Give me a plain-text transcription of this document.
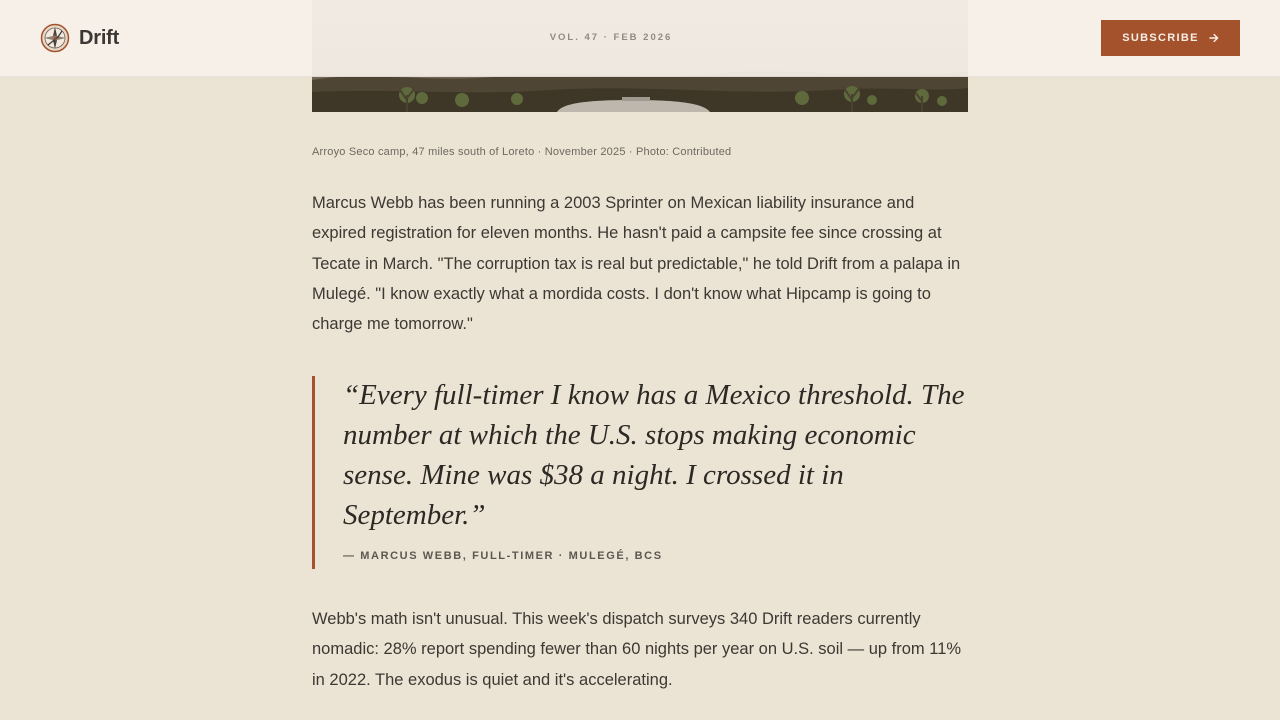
Drift	VOL. 47 · FEB 2026	SUBSCRIBE

Arroyo Seco camp, 47 miles south of Loreto · November 2025 · Photo: Contributed

Marcus Webb has been running a 2003 Sprinter on Mexican liability insurance and expired registration for eleven months. He hasn't paid a campsite fee since crossing at Tecate in March. "The corruption tax is real but predictable," he told Drift from a palapa in Mulegé. "I know exactly what a mordida costs. I don't know what Hipcamp is going to charge me tomorrow."

“Every full-timer I know has a Mexico threshold. The number at which the U.S. stops making economic sense. Mine was $38 a night. I crossed it in September.”

— MARCUS WEBB, FULL-TIMER · MULEGÉ, BCS

Webb's math isn't unusual. This week's dispatch surveys 340 Drift readers currently nomadic: 28% report spending fewer than 60 nights per year on U.S. soil — up from 11% in 2022. The exodus is quiet and it's accelerating.
